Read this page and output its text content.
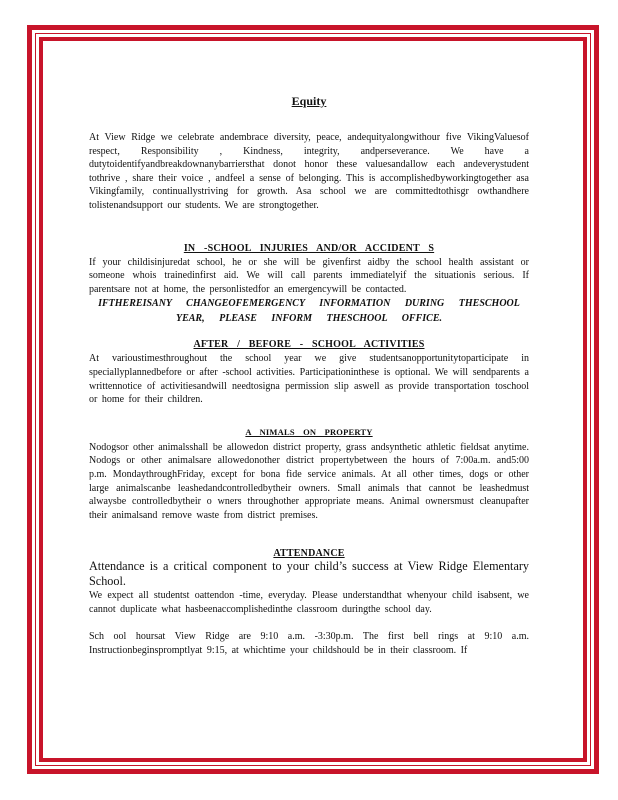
Equity

At View Ridge we celebrate andembrace diversity, peace, andequityalongwithour five VikingValuesof respect, Responsibility , Kindness, integrity, andperseverance. We have a dutytoidentifyandbreakdownanybarriersthat donot honor these valuesandallow each andeverystudent tothrive , share their voice , andfeel a sense of belonging. This is accomplishedbyworkingtogether asa Vikingfamily, continuallystriving for growth. Asa school we are committedtothisgr owthandhere tolistenandsupport our students. We are strongtogether.

IN -SCHOOL INJURIES AND/OR ACCIDENT S

If your childisinjuredat school, he or she will be givenfirst aidby the school health assistant or someone whois trainedinfirst aid. We will call parents immediatelyif the situationis serious. If parentsare not at home, the personlistedfor an emergencywill be contacted.

IFTHEREISANY CHANGEOFEMERGENCY INFORMATION DURING THESCHOOL YEAR, PLEASE INFORM THESCHOOL OFFICE.

AFTER / BEFORE - SCHOOL ACTIVITIES

At varioustimesthroughout the school year we give studentsanopportunitytoparticipate in speciallyplannedbefore or after -school activities. Participationinthese is optional. We will sendparents a writtennotice of activitiesandwill needtosigna permission slip aswell as provide transportation toschool or home for their children.

A NIMALS ON PROPERTY

Nodogsor other animalsshall be allowedon district property, grass andsynthetic athletic fieldsat anytime. Nodogs or other animalsare allowedonother district propertybetween the hours of 7:00a.m. and5:00 p.m. MondaythroughFriday, except for bona fide service animals. At all other times, dogs or other large animalscanbe leashedandcontrolledbytheir owners. Small animals that cannot be leashedmust alwaysbe controlledbytheir o wners throughother appropriate means. Animal ownersmust cleanupafter their animalsand remove waste from district premises.

ATTENDANCE

Attendance is a critical component to your child’s success at View Ridge Elementary School.

We expect all studentst oattendon -time, everyday. Please understandthat whenyour child isabsent, we cannot duplicate what hasbeenaccomplishedinthe classroom duringthe school day.

Sch ool hoursat View Ridge are 9:10 a.m. -3:30p.m. The first bell rings at 9:10 a.m. Instructionbeginspromptlyat 9:15, at whichtime your childshould be in their classroom. If
